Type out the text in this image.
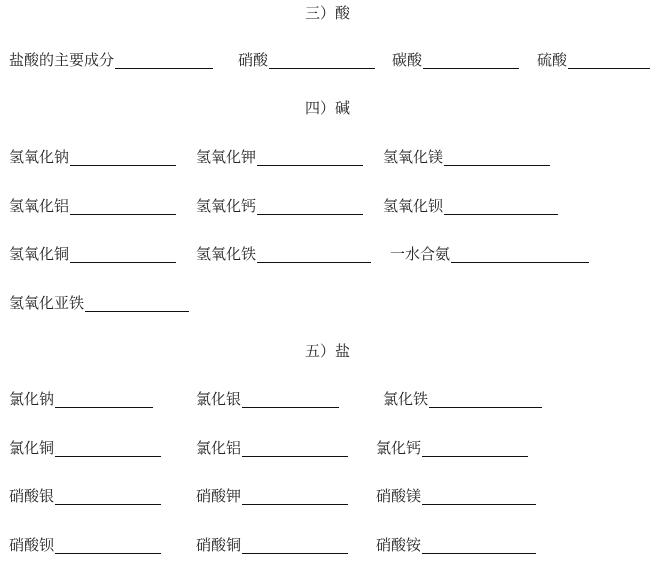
三）酸
盐酸的主要成分	硝酸	碳酸	硫酸
四）碱
氢氧化钠	氢氧化钾	氢氧化镁
氢氧化铝	氢氧化钙	氢氧化钡
氢氧化铜	氢氧化铁	一水合氨
氢氧化亚铁
五）盐
氯化钠	氯化银	氯化铁
氯化铜	氯化铝	氯化钙
硝酸银	硝酸钾	硝酸镁
硝酸钡	硝酸铜	硝酸铵
